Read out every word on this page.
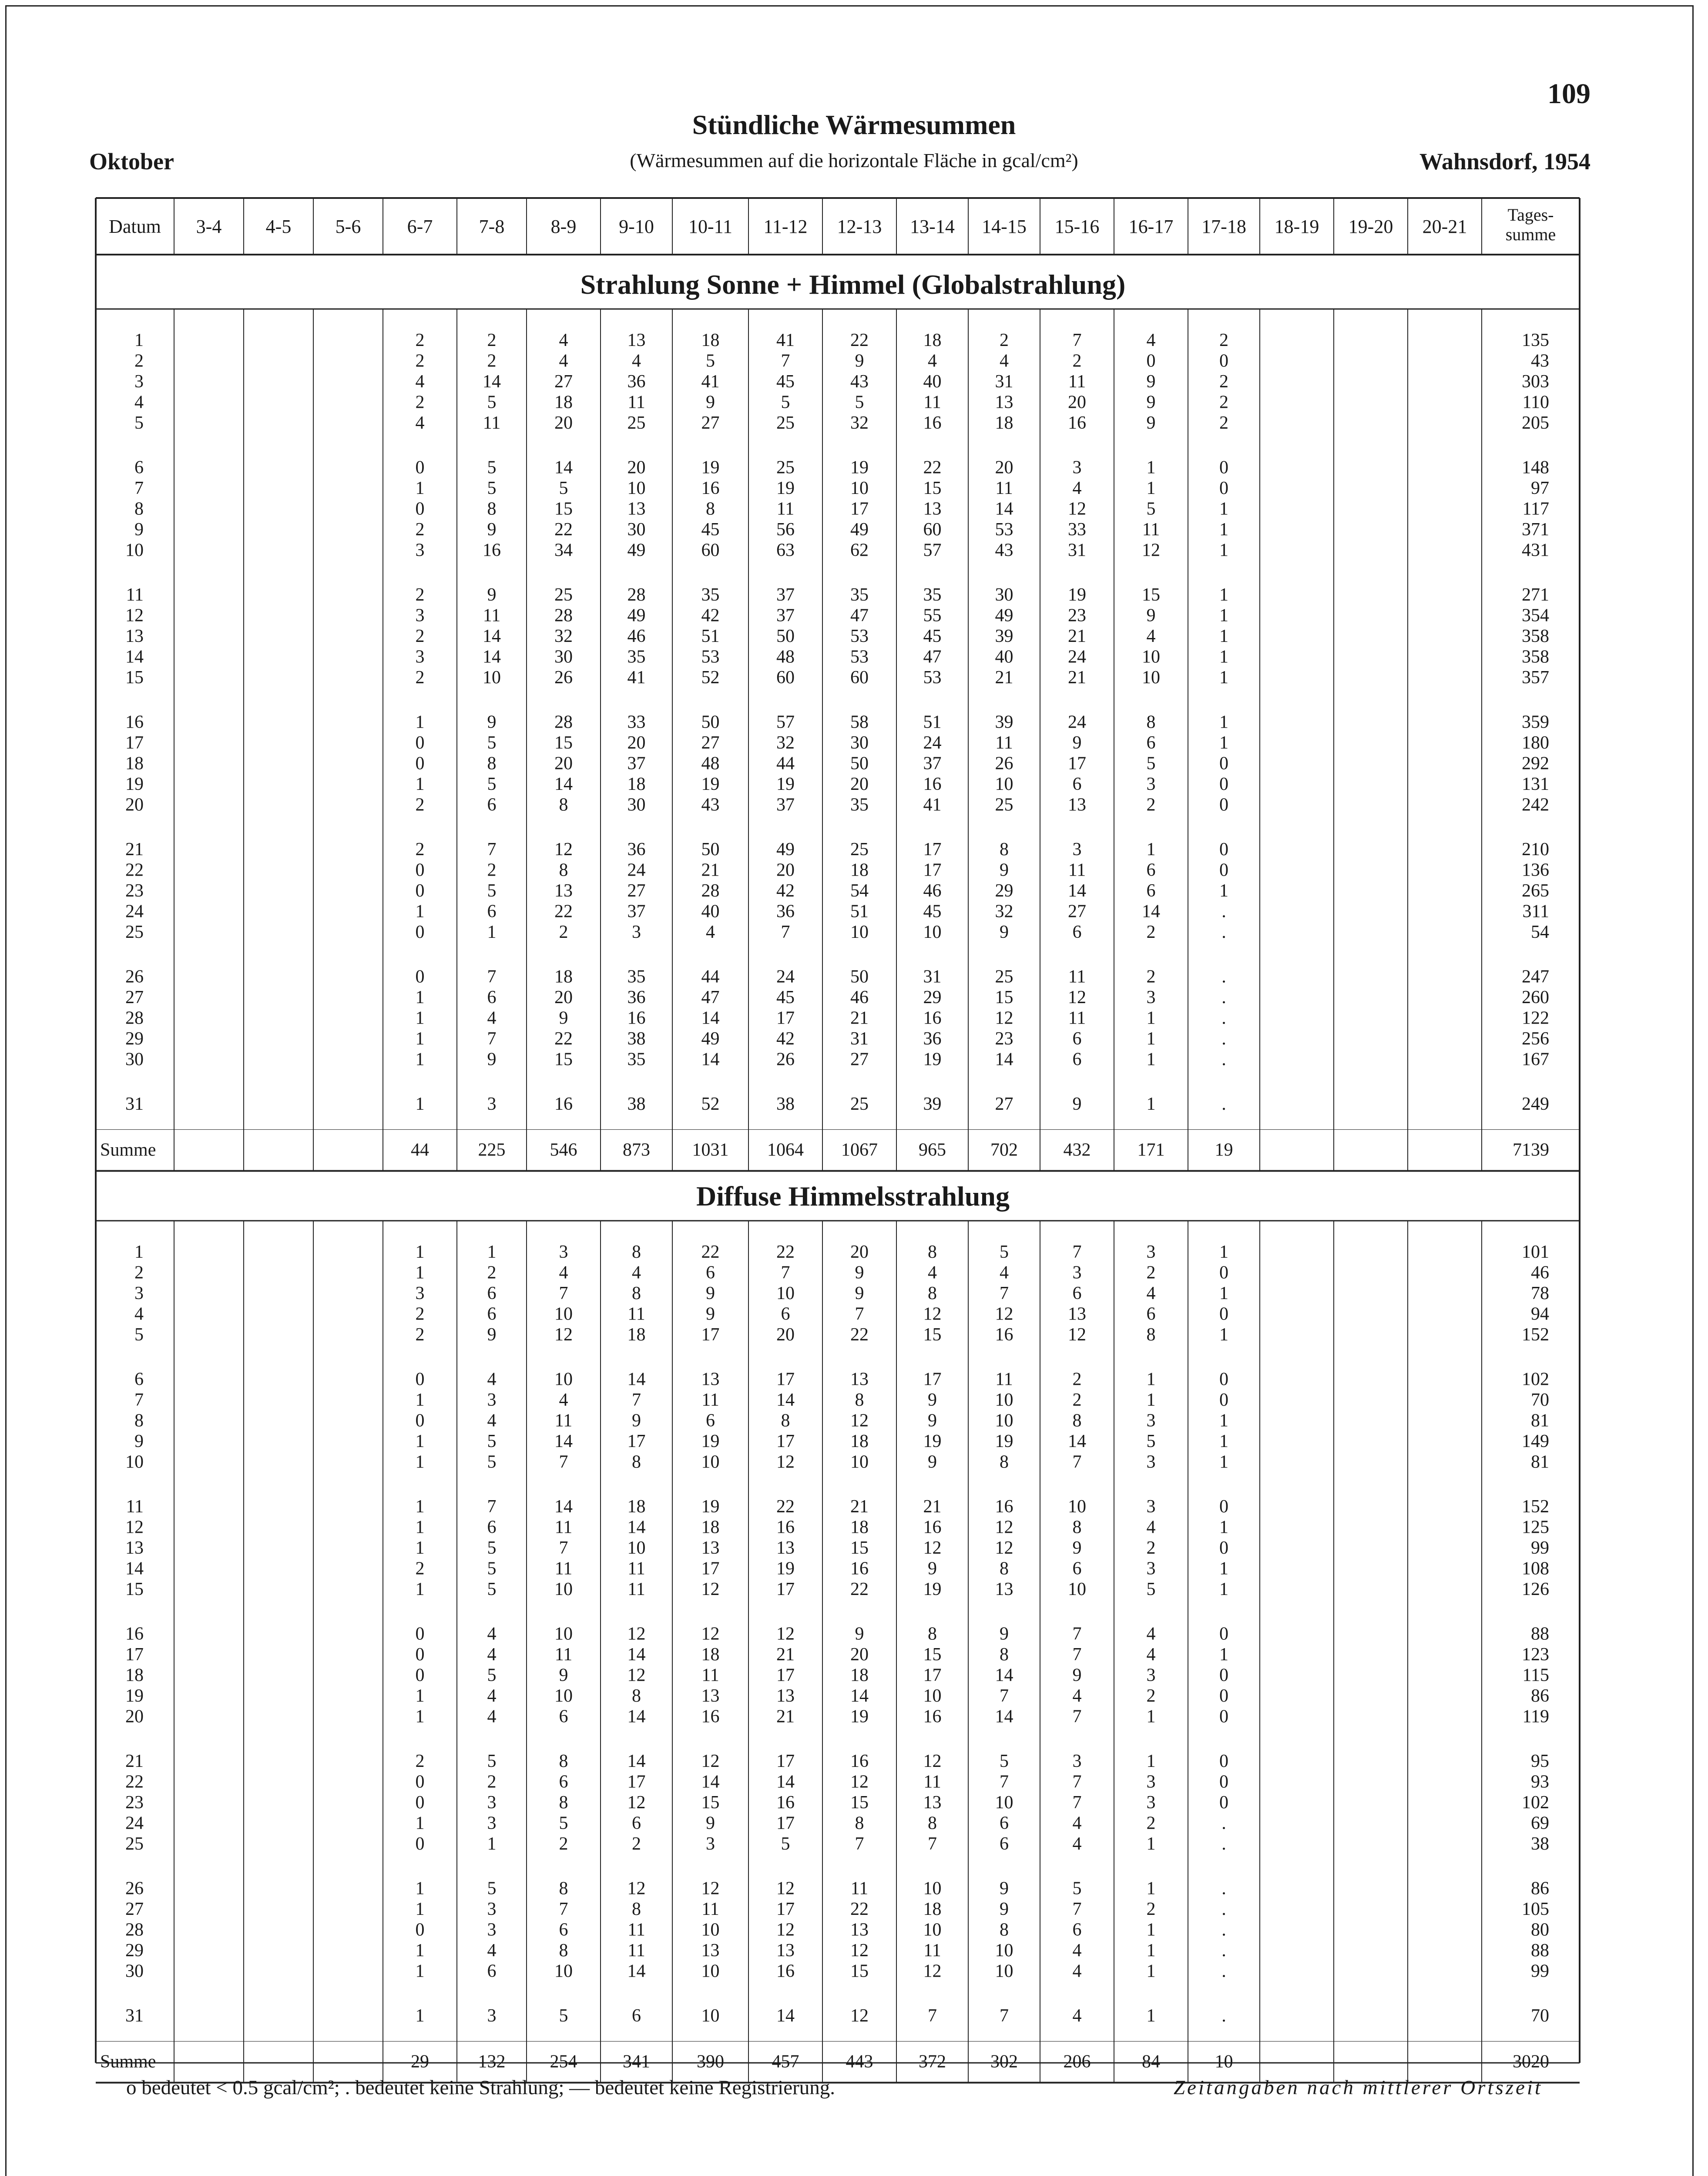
109
Stündliche Wärmesummen
(Wärmesummen auf die horizontale Fläche in gcal/cm²)
Oktober	Wahnsdorf, 1954
Datum 3-4 4-5 5-6 6-7 7-8 8-9 9-10 10-11 11-12 12-13 13-14 14-15 15-16 16-17 17-18 18-19 19-20 20-21
Tages-
summe
Strahlung Sonne + Himmel (Globalstrahlung)
1	2	2	4	13	18	41	22	18	2	7	4	2	135
2	2	2	4	4	5	7	9	4	4	2	0	0	43
3	4	14	27	36	41	45	43	40	31	11	9	2	303
4	2	5	18	11	9	5	5	11	13	20	9	2	110
5	4	11	20	25	27	25	32	16	18	16	9	2	205
6	0	5	14	20	19	25	19	22	20	3	1	0	148
7	1	5	5	10	16	19	10	15	11	4	1	0	97
8	0	8	15	13	8	11	17	13	14	12	5	1	117
9	2	9	22	30	45	56	49	60	53	33	11	1	371
10	3	16	34	49	60	63	62	57	43	31	12	1	431
11	2	9	25	28	35	37	35	35	30	19	15	1	271
12	3	11	28	49	42	37	47	55	49	23	9	1	354
13	2	14	32	46	51	50	53	45	39	21	4	1	358
14	3	14	30	35	53	48	53	47	40	24	10	1	358
15	2	10	26	41	52	60	60	53	21	21	10	1	357
16	1	9	28	33	50	57	58	51	39	24	8	1	359
17	0	5	15	20	27	32	30	24	11	9	6	1	180
18	0	8	20	37	48	44	50	37	26	17	5	0	292
19	1	5	14	18	19	19	20	16	10	6	3	0	131
20	2	6	8	30	43	37	35	41	25	13	2	0	242
21	2	7	12	36	50	49	25	17	8	3	1	0	210
22	0	2	8	24	21	20	18	17	9	11	6	0	136
23	0	5	13	27	28	42	54	46	29	14	6	1	265
24	1	6	22	37	40	36	51	45	32	27	14	.	311
25	0	1	2	3	4	7	10	10	9	6	2	.	54
26	0	7	18	35	44	24	50	31	25	11	2	.	247
27	1	6	20	36	47	45	46	29	15	12	3	.	260
28	1	4	9	16	14	17	21	16	12	11	1	.	122
29	1	7	22	38	49	42	31	36	23	6	1	.	256
30	1	9	15	35	14	26	27	19	14	6	1	.	167
31	1	3	16	38	52	38	25	39	27	9	1	.	249
Summe	44	225 546 873 1031 1064 1067 965 702 432	171	19	7139
Diffuse Himmelsstrahlung
1	1	1	3	8	22	22	20	8	5	7	3	1	101
2	1	2	4	4	6	7	9	4	4	3	2	0	46
3	3	6	7	8	9	10	9	8	7	6	4	1	78
4	2	6	10	11	9	6	7	12	12	13	6	0	94
5	2	9	12	18	17	20	22	15	16	12	8	1	152
6	0	4	10	14	13	17	13	17	11	2	1	0	102
7	1	3	4	7	11	14	8	9	10	2	1	0	70
8	0	4	11	9	6	8	12	9	10	8	3	1	81
9	1	5	14	17	19	17	18	19	19	14	5	1	149
10	1	5	7	8	10	12	10	9	8	7	3	1	81
11	1	7	14	18	19	22	21	21	16	10	3	0	152
12	1	6	11	14	18	16	18	16	12	8	4	1	125
13	1	5	7	10	13	13	15	12	12	9	2	0	99
14	2	5	11	11	17	19	16	9	8	6	3	1	108
15	1	5	10	11	12	17	22	19	13	10	5	1	126
16	0	4	10	12	12	12	9	8	9	7	4	0	88
17	0	4	11	14	18	21	20	15	8	7	4	1	123
18	0	5	9	12	11	17	18	17	14	9	3	0	115
19	1	4	10	8	13	13	14	10	7	4	2	0	86
20	1	4	6	14	16	21	19	16	14	7	1	0	119
21	2	5	8	14	12	17	16	12	5	3	1	0	95
22	0	2	6	17	14	14	12	11	7	7	3	0	93
23	0	3	8	12	15	16	15	13	10	7	3	0	102
24	1	3	5	6	9	17	8	8	6	4	2	.	69
25	0	1	2	2	3	5	7	7	6	4	1	.	38
26	1	5	8	12	12	12	11	10	9	5	1	.	86
27	1	3	7	8	11	17	22	18	9	7	2	.	105
28	0	3	6	11	10	12	13	10	8	6	1	.	80
29	1	4	8	11	13	13	12	11	10	4	1	.	88
30	1	6	10	14	10	16	15	12	10	4	1	.	99
31	1	3	5	6	10	14	12	7	7	4	1	.	70
Summe	29	132 254 341	390	457	443 372 302 206	84	10	3020
o bedeutet < 0.5 gcal/cm²; . bedeutet keine Strahlung; — bedeutet keine Registrierung.	Zeitangaben nach mittlerer Ortszeit
